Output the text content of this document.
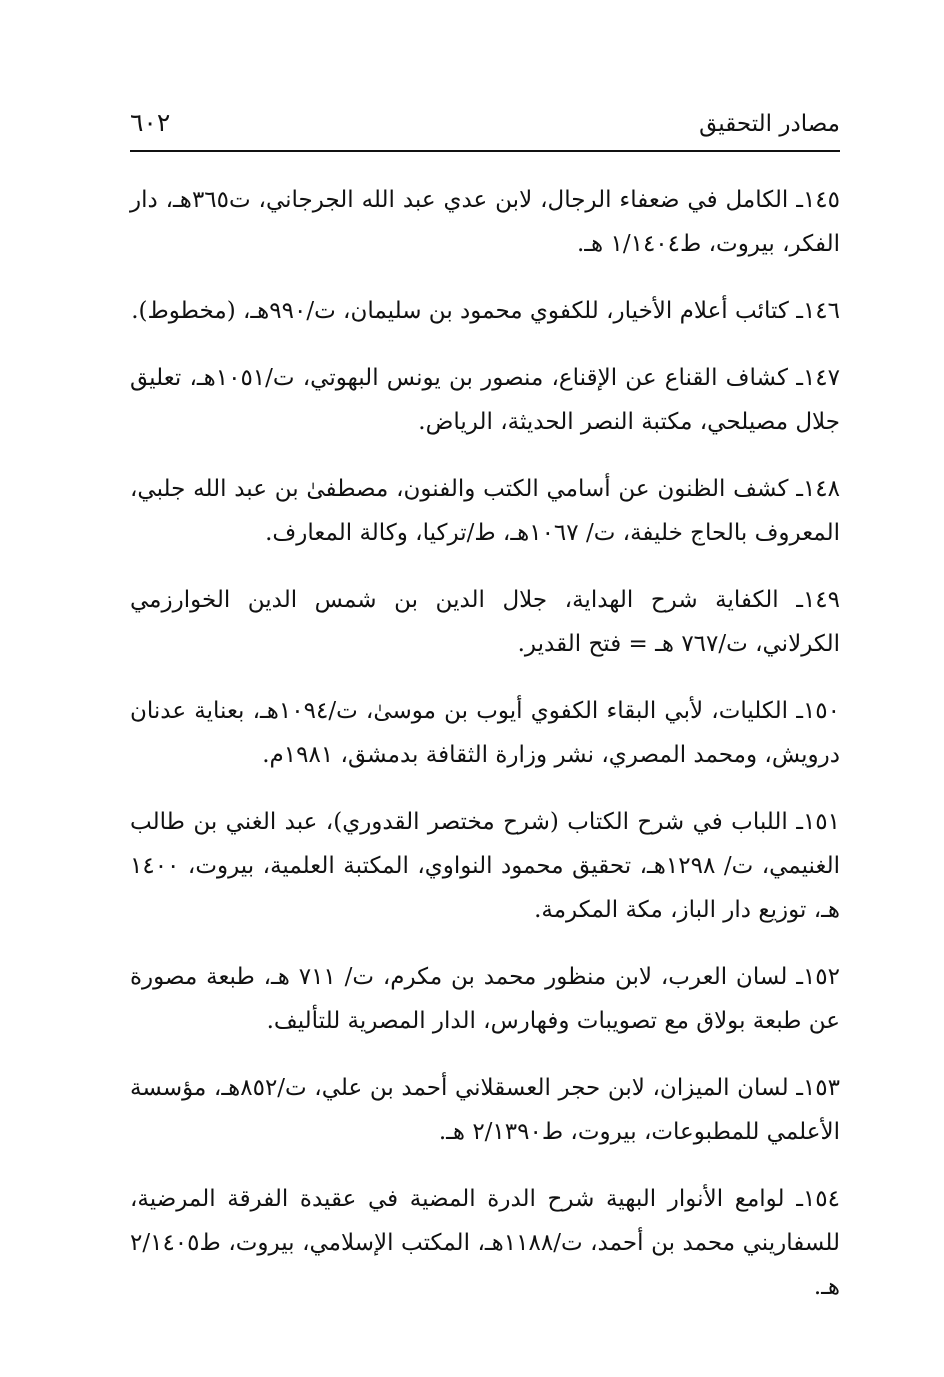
مصادر التحقيق
٦٠٢

١٤٥ـ الكامل في ضعفاء الرجال، لابن عدي عبد الله الجرجاني، ت٣٦٥هـ، دار الفكر، بيروت، ط١/١٤٠٤ هـ.

١٤٦ـ كتائب أعلام الأخيار، للكفوي محمود بن سليمان، ت/٩٩٠هـ، (مخطوط).

١٤٧ـ كشاف القناع عن الإقناع، منصور بن يونس البهوتي، ت/١٠٥١هـ، تعليق جلال مصيلحي، مكتبة النصر الحديثة، الرياض.

١٤٨ـ كشف الظنون عن أسامي الكتب والفنون، مصطفىٰ بن عبد الله جلبي، المعروف بالحاج خليفة، ت/ ١٠٦٧هـ، ط/تركيا، وكالة المعارف.

١٤٩ـ الكفاية شرح الهداية، جلال الدين بن شمس الدين الخوارزمي الكرلاني، ت/٧٦٧ هـ = فتح القدير.

١٥٠ـ الكليات، لأبي البقاء الكفوي أيوب بن موسىٰ، ت/١٠٩٤هـ، بعناية عدنان درويش، ومحمد المصري، نشر وزارة الثقافة بدمشق، ١٩٨١م.

١٥١ـ اللباب في شرح الكتاب (شرح مختصر القدوري)، عبد الغني بن طالب الغنيمي، ت/ ١٢٩٨هـ، تحقيق محمود النواوي، المكتبة العلمية، بيروت، ١٤٠٠ هـ، توزيع دار الباز، مكة المكرمة.

١٥٢ـ لسان العرب، لابن منظور محمد بن مكرم، ت/ ٧١١ هـ، طبعة مصورة عن طبعة بولاق مع تصويبات وفهارس، الدار المصرية للتأليف.

١٥٣ـ لسان الميزان، لابن حجر العسقلاني أحمد بن علي، ت/٨٥٢هـ، مؤسسة الأعلمي للمطبوعات، بيروت، ط٢/١٣٩٠ هـ.

١٥٤ـ لوامع الأنوار البهية شرح الدرة المضية في عقيدة الفرقة المرضية، للسفاريني محمد بن أحمد، ت/١١٨٨هـ، المكتب الإسلامي، بيروت، ط٢/١٤٠٥ هـ.
